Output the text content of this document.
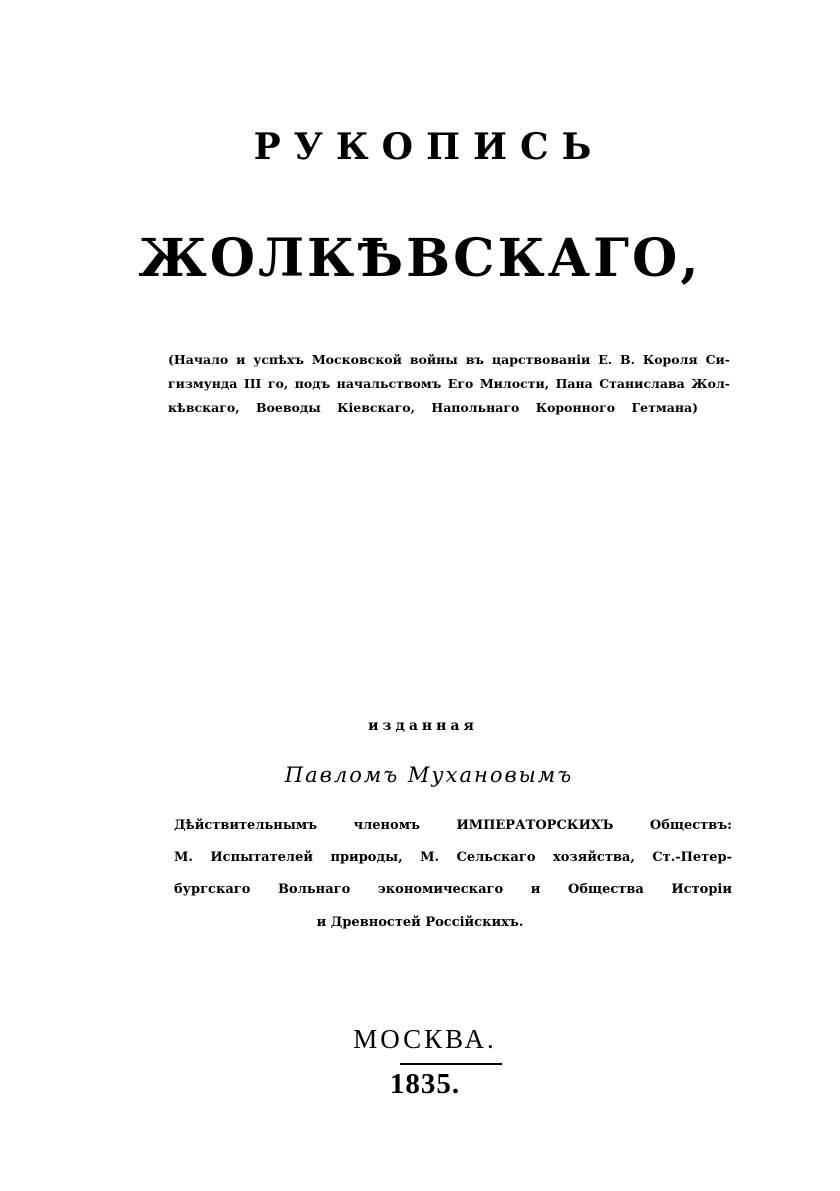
РУКОПИСЬ
ЖОЛКѢВСКАГО,
(Начало и успѣхъ Московской войны въ царствованiи Е. В. Короля Си-
гизмунда III го, подъ начальствомъ Его Милости, Пана Станислава Жол-
кѣвскаго, Воеводы Кiевскаго, Напольнаго Коронного Гетмана)
изданная
Павломъ Мухановымъ
Дѣйствительнымъ членомъ ИМПЕРАТОРСКИХЪ Обществъ:
М. Испытателей природы, М. Сельскаго хозяйства, Ст.-Петер-
бургскаго Вольнаго экономическаго и Общества Исторiи
и Древностей Россiйскихъ.
МОСКВА.
1835.
